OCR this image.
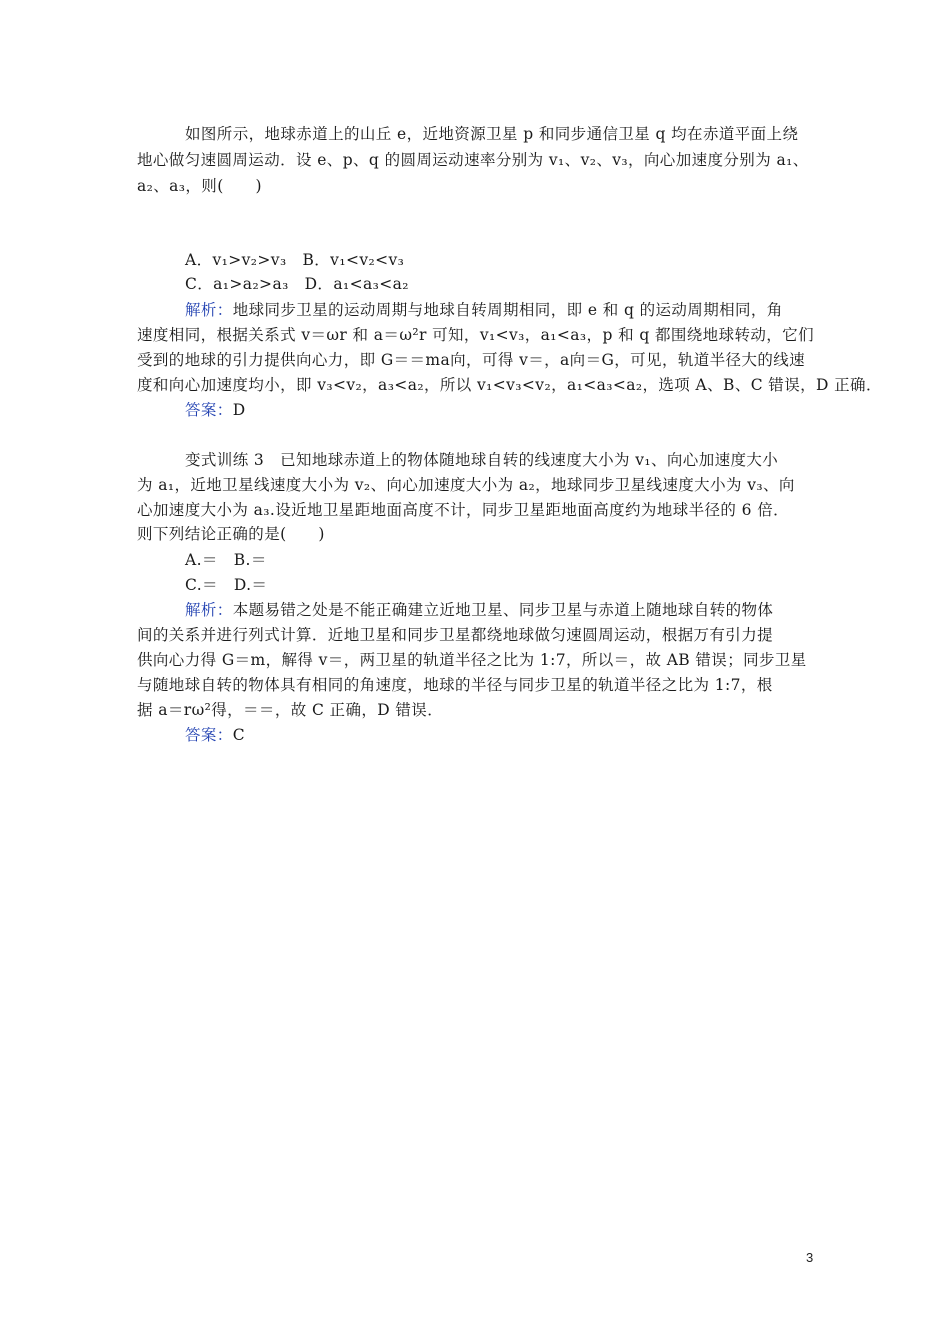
如图所示，地球赤道上的山丘 e，近地资源卫星 p 和同步通信卫星 q 均在赤道平面上绕
地心做匀速圆周运动．设 e、p、q 的圆周运动速率分别为 v₁、v₂、v₃，向心加速度分别为 a₁、
a₂、a₃，则(　　)
A．v₁>v₂>v₃　B．v₁<v₂<v₃
C．a₁>a₂>a₃　D．a₁<a₃<a₂
解析：地球同步卫星的运动周期与地球自转周期相同，即 e 和 q 的运动周期相同，角
速度相同，根据关系式 v＝ωr 和 a＝ω²r 可知，v₁<v₃，a₁<a₃，p 和 q 都围绕地球转动，它们
受到的地球的引力提供向心力，即 G＝＝ma向，可得 v＝，a向＝G，可见，轨道半径大的线速
度和向心加速度均小，即 v₃<v₂，a₃<a₂，所以 v₁<v₃<v₂，a₁<a₃<a₂，选项 A、B、C 错误，D 正确．
答案：D
变式训练 3　已知地球赤道上的物体随地球自转的线速度大小为 v₁、向心加速度大小
为 a₁，近地卫星线速度大小为 v₂、向心加速度大小为 a₂，地球同步卫星线速度大小为 v₃、向
心加速度大小为 a₃.设近地卫星距地面高度不计，同步卫星距地面高度约为地球半径的 6 倍．
则下列结论正确的是(　　)
A.＝　B.＝
C.＝　D.＝
解析：本题易错之处是不能正确建立近地卫星、同步卫星与赤道上随地球自转的物体
间的关系并进行列式计算．近地卫星和同步卫星都绕地球做匀速圆周运动，根据万有引力提
供向心力得 G＝m，解得 v＝，两卫星的轨道半径之比为 1:7，所以＝，故 AB 错误；同步卫星
与随地球自转的物体具有相同的角速度，地球的半径与同步卫星的轨道半径之比为 1:7，根
据 a＝rω²得，＝＝，故 C 正确，D 错误．
答案：C
3
